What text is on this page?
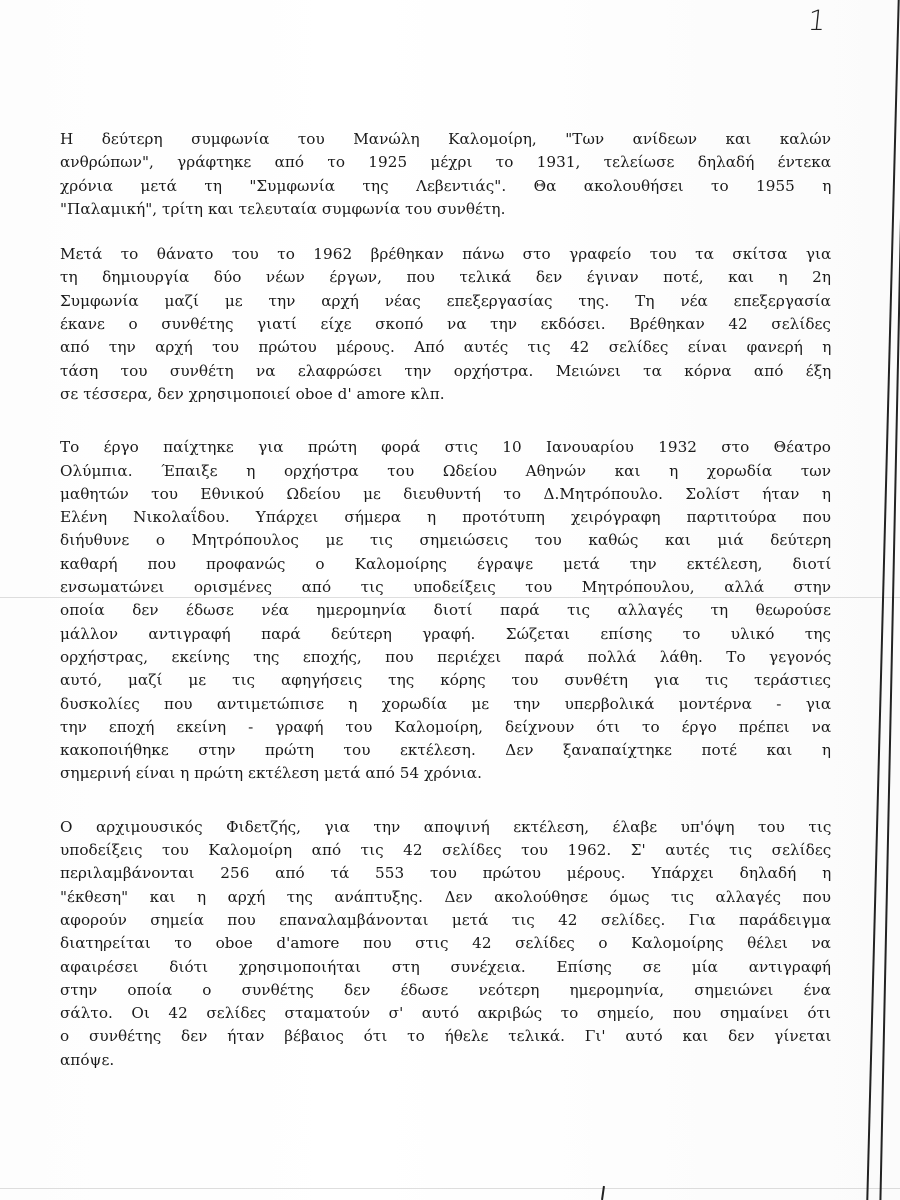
1
Η δεύτερη συμφωνία του Μανώλη Καλομοίρη, "Των ανίδεων και καλών
ανθρώπων", γράφτηκε από το 1925 μέχρι το 1931, τελείωσε δηλαδή έντεκα
χρόνια μετά τη "Συμφωνία της Λεβεντιάς". Θα ακολουθήσει το 1955 η
"Παλαμική", τρίτη και τελευταία συμφωνία του συνθέτη.
Μετά το θάνατο του το 1962 βρέθηκαν πάνω στο γραφείο του τα σκίτσα για
τη δημιουργία δύο νέων έργων, που τελικά δεν έγιναν ποτέ, και η 2η
Συμφωνία μαζί με την αρχή νέας επεξεργασίας της. Τη νέα επεξεργασία
έκανε ο συνθέτης γιατί είχε σκοπό να την εκδόσει. Βρέθηκαν 42 σελίδες
από την αρχή του πρώτου μέρους. Από αυτές τις 42 σελίδες είναι φανερή η
τάση του συνθέτη να ελαφρώσει την ορχήστρα. Μειώνει τα κόρνα από έξη
σε τέσσερα, δεν χρησιμοποιεί oboe d' amore κλπ.
Το έργο παίχτηκε για πρώτη φορά στις 10 Ιανουαρίου 1932 στο Θέατρο
Ολύμπια. Έπαιξε η ορχήστρα του Ωδείου Αθηνών και η χορωδία των
μαθητών του Εθνικού Ωδείου με διευθυντή το Δ.Μητρόπουλο. Σολίστ ήταν η
Ελένη Νικολαΐδου. Υπάρχει σήμερα η προτότυπη χειρόγραφη παρτιτούρα που
διήυθυνε ο Μητρόπουλος με τις σημειώσεις του καθώς και μιά δεύτερη
καθαρή που προφανώς ο Καλομοίρης έγραψε μετά την εκτέλεση, διοτί
ενσωματώνει ορισμένες από τις υποδείξεις του Μητρόπουλου, αλλά στην
οποία δεν έδωσε νέα ημερομηνία διοτί παρά τις αλλαγές τη θεωρούσε
μάλλον αντιγραφή παρά δεύτερη γραφή. Σώζεται επίσης το υλικό της
ορχήστρας, εκείνης της εποχής, που περιέχει παρά πολλά λάθη. Το γεγονός
αυτό, μαζί με τις αφηγήσεις της κόρης του συνθέτη για τις τεράστιες
δυσκολίες που αντιμετώπισε η χορωδία με την υπερβολικά μοντέρνα - για
την εποχή εκείνη - γραφή του Καλομοίρη, δείχνουν ότι το έργο πρέπει να
κακοποιήθηκε στην πρώτη του εκτέλεση. Δεν ξαναπαίχτηκε ποτέ και η
σημερινή είναι η πρώτη εκτέλεση μετά από 54 χρόνια.
Ο αρχιμουσικός Φιδετζής, για την αποψινή εκτέλεση, έλαβε υπ'όψη του τις
υποδείξεις του Καλομοίρη από τις 42 σελίδες του 1962. Σ' αυτές τις σελίδες
περιλαμβάνονται 256 από τά 553 του πρώτου μέρους. Υπάρχει δηλαδή η
"έκθεση" και η αρχή της ανάπτυξης. Δεν ακολούθησε όμως τις αλλαγές που
αφορούν σημεία που επαναλαμβάνονται μετά τις 42 σελίδες. Για παράδειγμα
διατηρείται το oboe d'amore που στις 42 σελίδες ο Καλομοίρης θέλει να
αφαιρέσει διότι χρησιμοποιήται στη συνέχεια. Επίσης σε μία αντιγραφή
στην οποία ο συνθέτης δεν έδωσε νεότερη ημερομηνία, σημειώνει ένα
σάλτο. Οι 42 σελίδες σταματούν σ' αυτό ακριβώς το σημείο, που σημαίνει ότι
ο συνθέτης δεν ήταν βέβαιος ότι το ήθελε τελικά. Γι' αυτό και δεν γίνεται
απόψε.
